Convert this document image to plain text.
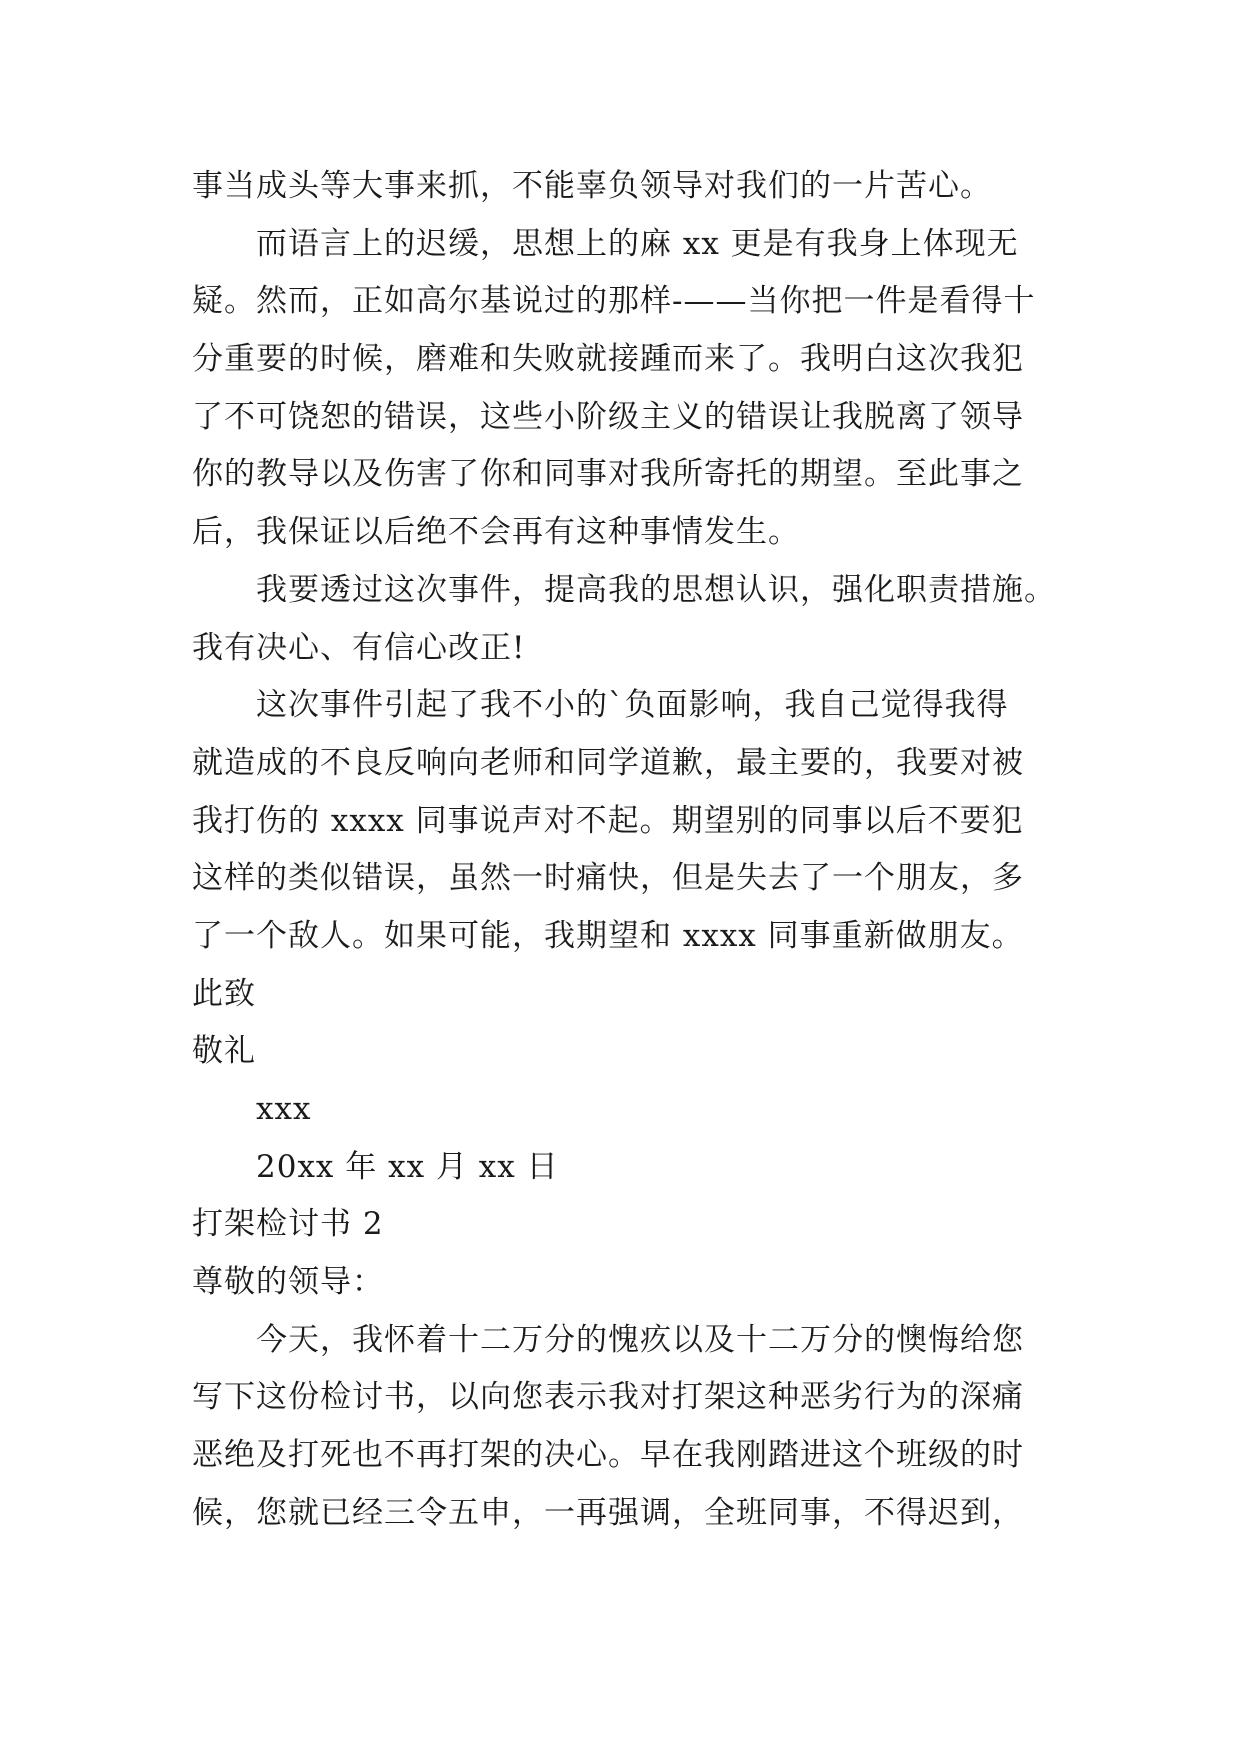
事当成头等大事来抓，不能辜负领导对我们的一片苦心。
而语言上的迟缓，思想上的麻 xx 更是有我身上体现无
疑。然而，正如高尔基说过的那样-——当你把一件是看得十
分重要的时候，磨难和失败就接踵而来了。我明白这次我犯
了不可饶恕的错误，这些小阶级主义的错误让我脱离了领导
你的教导以及伤害了你和同事对我所寄托的期望。至此事之
后，我保证以后绝不会再有这种事情发生。
我要透过这次事件，提高我的思想认识，强化职责措施。
我有决心、有信心改正!
这次事件引起了我不小的`负面影响，我自己觉得我得
就造成的不良反响向老师和同学道歉，最主要的，我要对被
我打伤的 xxxx 同事说声对不起。期望别的同事以后不要犯
这样的类似错误，虽然一时痛快，但是失去了一个朋友，多
了一个敌人。如果可能，我期望和 xxxx 同事重新做朋友。
此致
敬礼
xxx
20xx 年 xx 月 xx 日
打架检讨书 2
尊敬的领导：
今天，我怀着十二万分的愧疚以及十二万分的懊悔给您
写下这份检讨书，以向您表示我对打架这种恶劣行为的深痛
恶绝及打死也不再打架的决心。早在我刚踏进这个班级的时
候，您就已经三令五申，一再强调，全班同事，不得迟到，
